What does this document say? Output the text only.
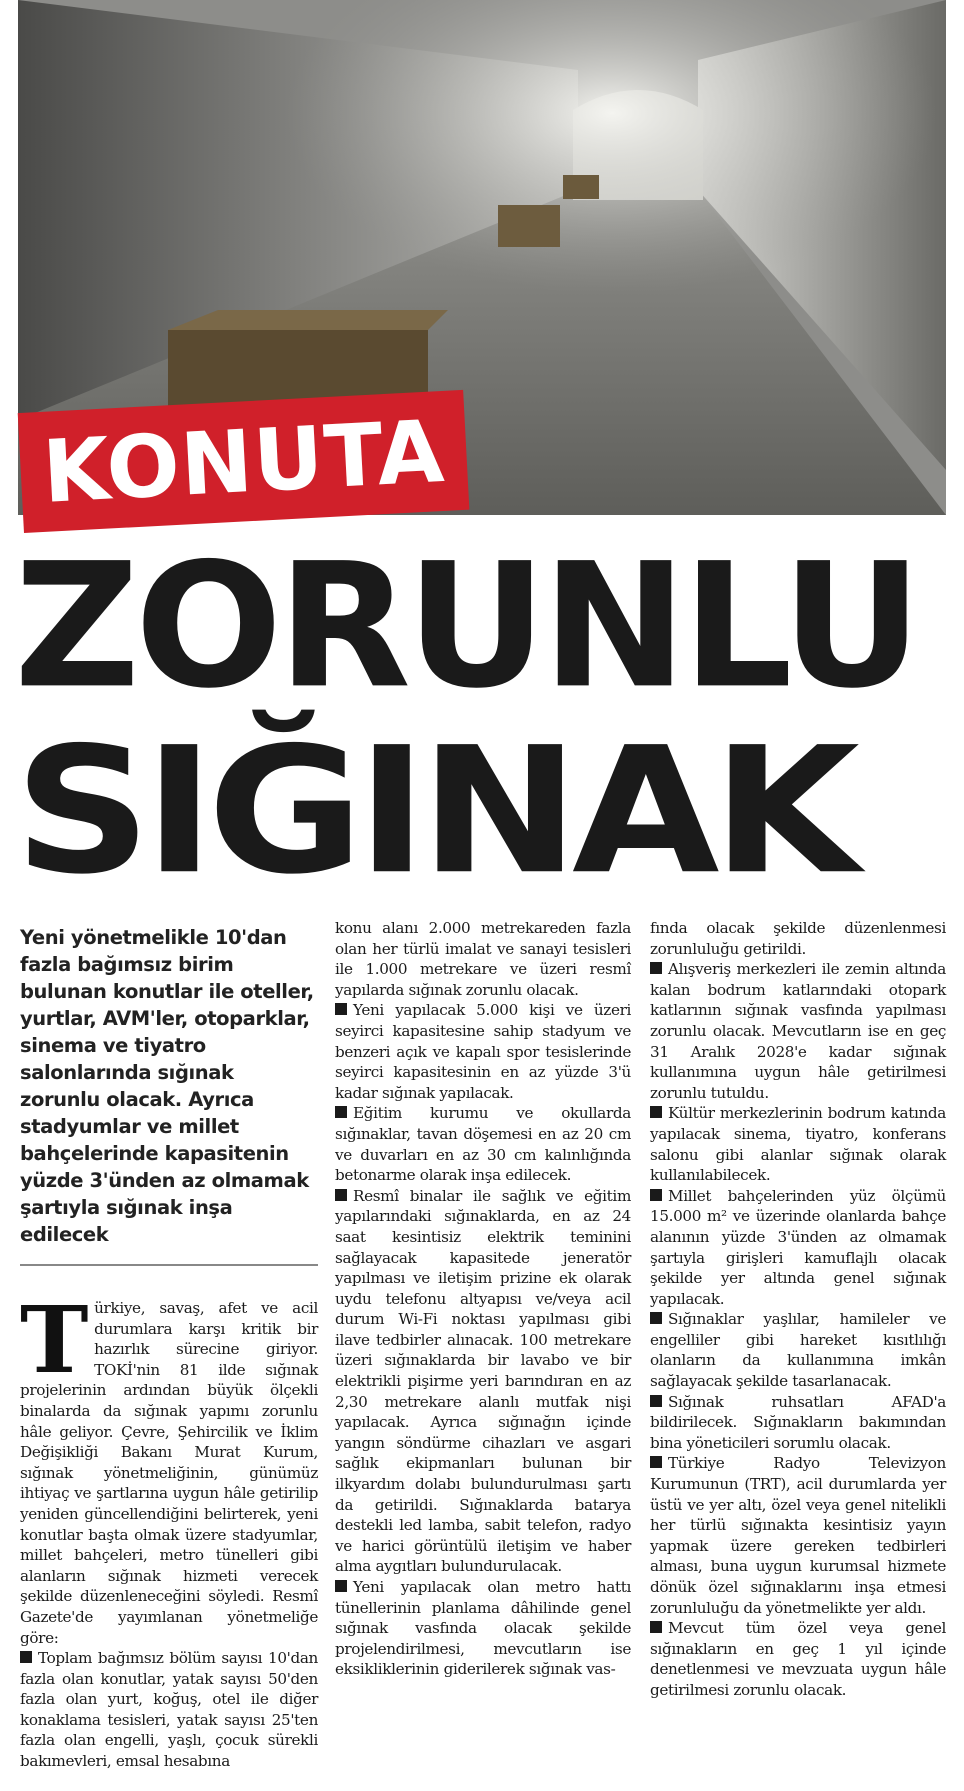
KONUTA
ZORUNLU
SIĞINAK
Yeni yönetmelikle 10'dan fazla bağımsız birim bulunan konutlar ile oteller, yurtlar, AVM'ler, otoparklar, sinema ve tiyatro salonlarında sığınak zorunlu olacak. Ayrıca stadyumlar ve millet bahçelerinde kapasitenin yüzde 3'ünden az olmamak şartıyla sığınak inşa edilecek

Türkiye, savaş, afet ve acil durumlara karşı kritik bir hazırlık sürecine giriyor. TOKİ'nin 81 ilde sığınak projelerinin ardından büyük ölçekli binalarda da sığınak yapımı zorunlu hâle geliyor. Çevre, Şehircilik ve İklim Değişikliği Bakanı Murat Kurum, sığınak yönetmeliğinin, günümüz ihtiyaç ve şartlarına uygun hâle getirilip yeniden güncellendiğini belirterek, yeni konutlar başta olmak üzere stadyumlar, millet bahçeleri, metro tünelleri gibi alanların sığınak hizmeti verecek şekilde düzenleneceğini söyledi. Resmî Gazete'de yayımlanan yönetmeliğe göre:

Toplam bağımsız bölüm sayısı 10'dan fazla olan konutlar, yatak sayısı 50'den fazla olan yurt, koğuş, otel ile diğer konaklama tesisleri, yatak sayısı 25'ten fazla olan engelli, yaşlı, çocuk sürekli bakımevleri, emsal hesabına

konu alanı 2.000 metrekareden fazla olan her türlü imalat ve sanayi tesisleri ile 1.000 metrekare ve üzeri resmî yapılarda sığınak zorunlu olacak.

Yeni yapılacak 5.000 kişi ve üzeri seyirci kapasitesine sahip stadyum ve benzeri açık ve kapalı spor tesislerinde seyirci kapasitesinin en az yüzde 3'ü kadar sığınak yapılacak.

Eğitim kurumu ve okullarda sığınaklar, tavan döşemesi en az 20 cm ve duvarları en az 30 cm kalınlığında betonarme olarak inşa edilecek.

Resmî binalar ile sağlık ve eğitim yapılarındaki sığınaklarda, en az 24 saat kesintisiz elektrik teminini sağlayacak kapasitede jeneratör yapılması ve iletişim prizine ek olarak uydu telefonu altyapısı ve/veya acil durum Wi-Fi noktası yapılması gibi ilave tedbirler alınacak. 100 metrekare üzeri sığınaklarda bir lavabo ve bir elektrikli pişirme yeri barındıran en az 2,30 metrekare alanlı mutfak nişi yapılacak. Ayrıca sığınağın içinde yangın söndürme cihazları ve asgari sağlık ekipmanları bulunan bir ilkyardım dolabı bulundurulması şartı da getirildi. Sığınaklarda batarya destekli led lamba, sabit telefon, radyo ve harici görüntülü iletişim ve haber alma aygıtları bulundurulacak.

Yeni yapılacak olan metro hattı tünellerinin planlama dâhilinde genel sığınak vasfında olacak şekilde projelendirilmesi, mevcutların ise eksikliklerinin giderilerek sığınak vas-

fında olacak şekilde düzenlenmesi zorunluluğu getirildi.

Alışveriş merkezleri ile zemin altında kalan bodrum katlarındaki otopark katlarının sığınak vasfında yapılması zorunlu olacak. Mevcutların ise en geç 31 Aralık 2028'e kadar sığınak kullanımına uygun hâle getirilmesi zorunlu tutuldu.

Kültür merkezlerinin bodrum katında yapılacak sinema, tiyatro, konferans salonu gibi alanlar sığınak olarak kullanılabilecek.

Millet bahçelerinden yüz ölçümü 15.000 m² ve üzerinde olanlarda bahçe alanının yüzde 3'ünden az olmamak şartıyla girişleri kamuflajlı olacak şekilde yer altında genel sığınak yapılacak.

Sığınaklar yaşlılar, hamileler ve engelliler gibi hareket kısıtlılığı olanların da kullanımına imkân sağlayacak şekilde tasarlanacak.

Sığınak ruhsatları AFAD'a bildirilecek. Sığınakların bakımından bina yöneticileri sorumlu olacak.

Türkiye Radyo Televizyon Kurumunun (TRT), acil durumlarda yer üstü ve yer altı, özel veya genel nitelikli her türlü sığınakta kesintisiz yayın yapmak üzere gereken tedbirleri alması, buna uygun kurumsal hizmete dönük özel sığınaklarını inşa etmesi zorunluluğu da yönetmelikte yer aldı.

Mevcut tüm özel veya genel sığınakların en geç 1 yıl içinde denetlenmesi ve mevzuata uygun hâle getirilmesi zorunlu olacak.
